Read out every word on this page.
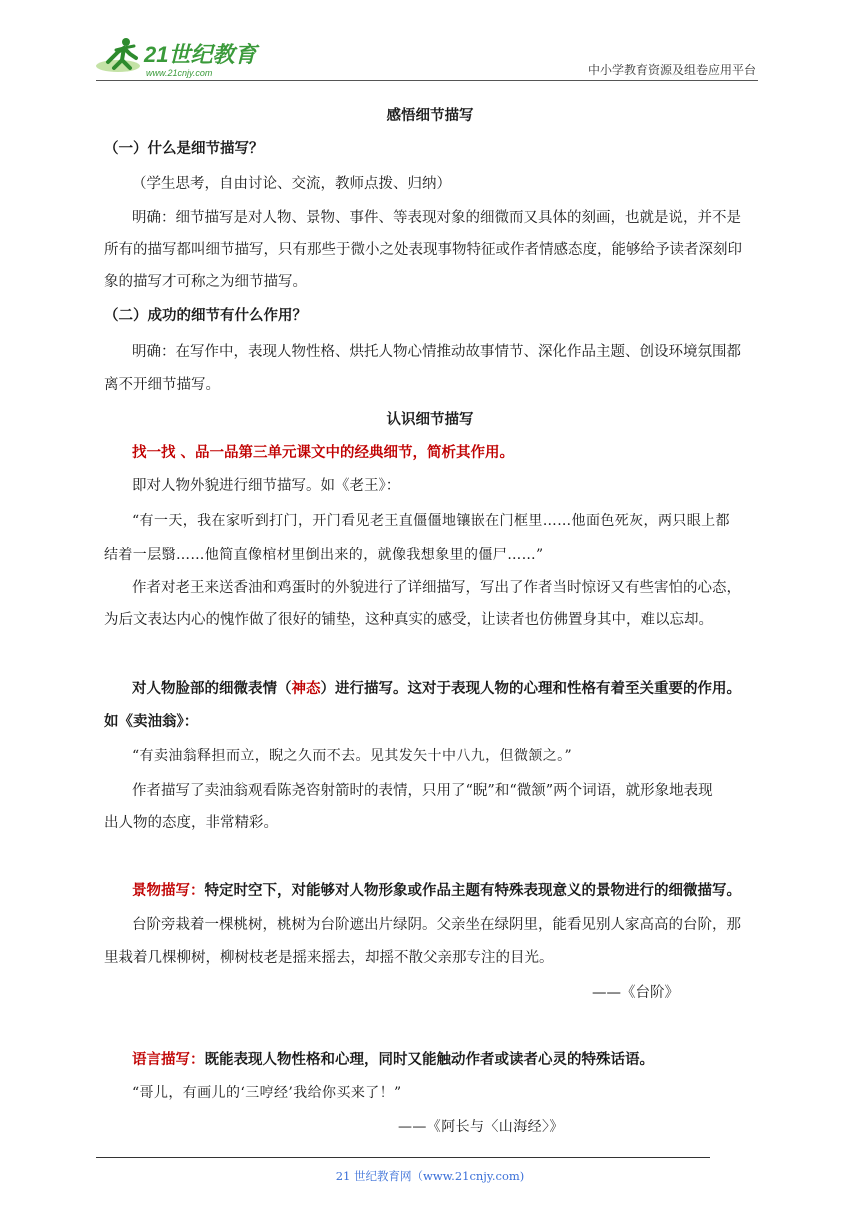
21世纪教育
www.21cnjy.com	中小学教育资源及组卷应用平台
感悟细节描写
（一）什么是细节描写？
（学生思考，自由讨论、交流，教师点拨、归纳）
明确：细节描写是对人物、景物、事件、等表现对象的细微而又具体的刻画，也就是说，并不是
所有的描写都叫细节描写，只有那些于微小之处表现事物特征或作者情感态度，能够给予读者深刻印
象的描写才可称之为细节描写。
（二）成功的细节有什么作用？
明确：在写作中，表现人物性格、烘托人物心情推动故事情节、深化作品主题、创设环境氛围都
离不开细节描写。
认识细节描写
找一找 、品一品第三单元课文中的经典细节，简析其作用。
即对人物外貌进行细节描写。如《老王》：
“有一天，我在家听到打门，开门看见老王直僵僵地镶嵌在门框里……他面色死灰，两只眼上都
结着一层翳……他简直像棺材里倒出来的，就像我想象里的僵尸……”
作者对老王来送香油和鸡蛋时的外貌进行了详细描写，写出了作者当时惊讶又有些害怕的心态，
为后文表达内心的愧怍做了很好的铺垫，这种真实的感受，让读者也仿佛置身其中，难以忘却。
对人物脸部的细微表情（神态）进行描写。这对于表现人物的心理和性格有着至关重要的作用。
如《卖油翁》：
“有卖油翁释担而立，睨之久而不去。见其发矢十中八九，但微颔之。”
作者描写了卖油翁观看陈尧咨射箭时的表情，只用了“睨”和“微颔”两个词语，就形象地表现
出人物的态度，非常精彩。
景物描写：特定时空下，对能够对人物形象或作品主题有特殊表现意义的景物进行的细微描写。
台阶旁栽着一棵桃树，桃树为台阶遮出片绿阴。父亲坐在绿阴里，能看见别人家高高的台阶，那
里栽着几棵柳树，柳树枝老是摇来摇去，却摇不散父亲那专注的目光。
——《台阶》
语言描写：既能表现人物性格和心理，同时又能触动作者或读者心灵的特殊话语。
“哥儿，有画儿的‘三哼经’我给你买来了！”
——《阿长与〈山海经〉》
21 世纪教育网（www.21cnjy.com)
